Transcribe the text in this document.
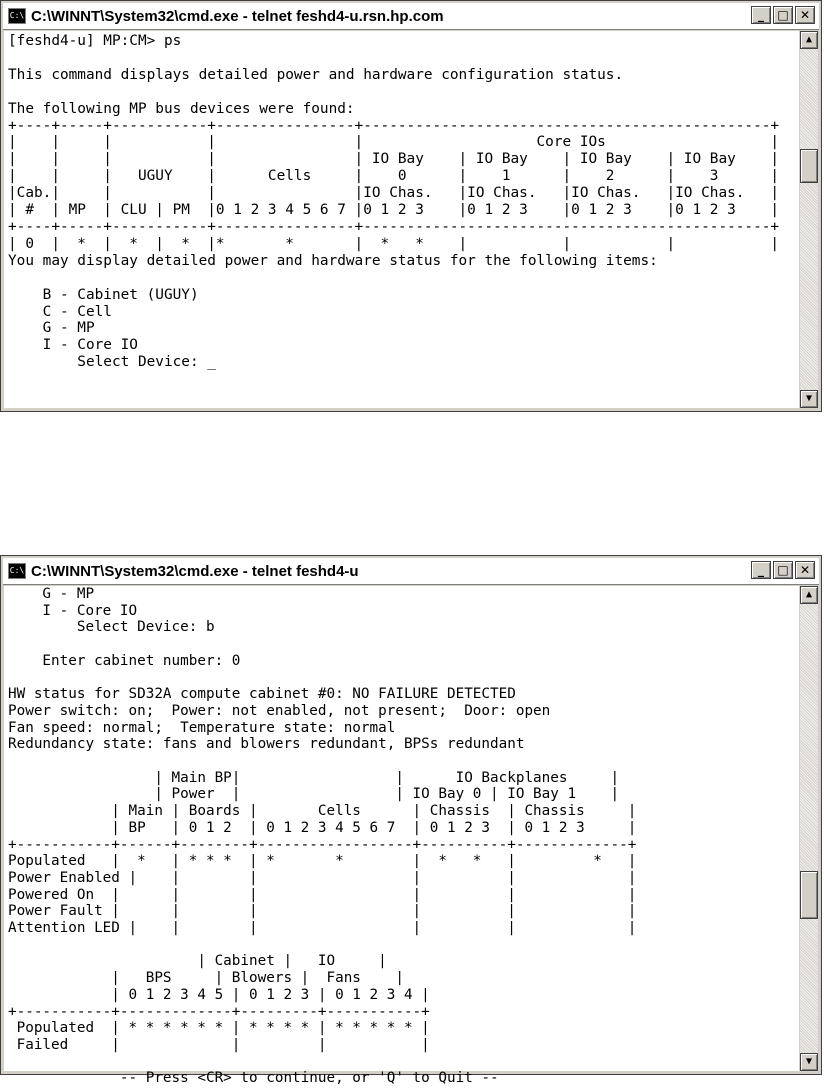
C:\ C:\WINNT\System32\cmd.exe - telnet feshd4-u.rsn.hp.com	_	□ ✕
[feshd4-u] MP:CM> ps

This command displays detailed power and hardware configuration status.

The following MP bus devices were found:
+----+-----+-----------+----------------+-----------------------------------------------+
|    |     |           |                |                    Core IOs                   |
|    |     |           |                | IO Bay    | IO Bay    | IO Bay    | IO Bay    |
|    |     |   UGUY    |      Cells     |    0      |    1      |    2      |    3      |
|Cab.|     |           |                |IO Chas.   |IO Chas.   |IO Chas.   |IO Chas.   |
| #  | MP  | CLU | PM  |0 1 2 3 4 5 6 7 |0 1 2 3    |0 1 2 3    |0 1 2 3    |0 1 2 3    |
+----+-----+-----------+----------------+-----------------------------------------------+
| 0  |  *  |  *  |  *  |*       *       |  *   *    |           |           |           |
You may display detailed power and hardware status for the following items:

B - Cabinet (UGUY)
C - Cell
G - MP
I - Core IO
Select Device: _
▲
▼
C:\ C:\WINNT\System32\cmd.exe - telnet feshd4-u	_	□ ✕
G - MP
I - Core IO
Select Device: b

Enter cabinet number: 0

HW status for SD32A compute cabinet #0: NO FAILURE DETECTED
Power switch: on;  Power: not enabled, not present;  Door: open
Fan speed: normal;  Temperature state: normal
Redundancy state: fans and blowers redundant, BPSs redundant

| Main BP|                  |      IO Backplanes     |
| Power  |                  | IO Bay 0 | IO Bay 1    |
| Main | Boards |       Cells      | Chassis  | Chassis     |
| BP   | 0 1 2  | 0 1 2 3 4 5 6 7  | 0 1 2 3  | 0 1 2 3     |
+-----------+------+--------+------------------+----------+-------------+
Populated   |  *   | * * *  | *       *        |  *   *   |         *   |
Power Enabled |    |        |                  |          |             |
Powered On  |      |        |                  |          |             |
Power Fault |      |        |                  |          |             |
Attention LED |    |        |                  |          |             |

| Cabinet |   IO     |
|   BPS     | Blowers |  Fans    |
| 0 1 2 3 4 5 | 0 1 2 3 | 0 1 2 3 4 |
+-----------+-------------+---------+-----------+
Populated  | * * * * * * | * * * * | * * * * * |
Failed     |             |         |           |

-- Press <CR> to continue, or 'Q' to Quit --
▲
▼
